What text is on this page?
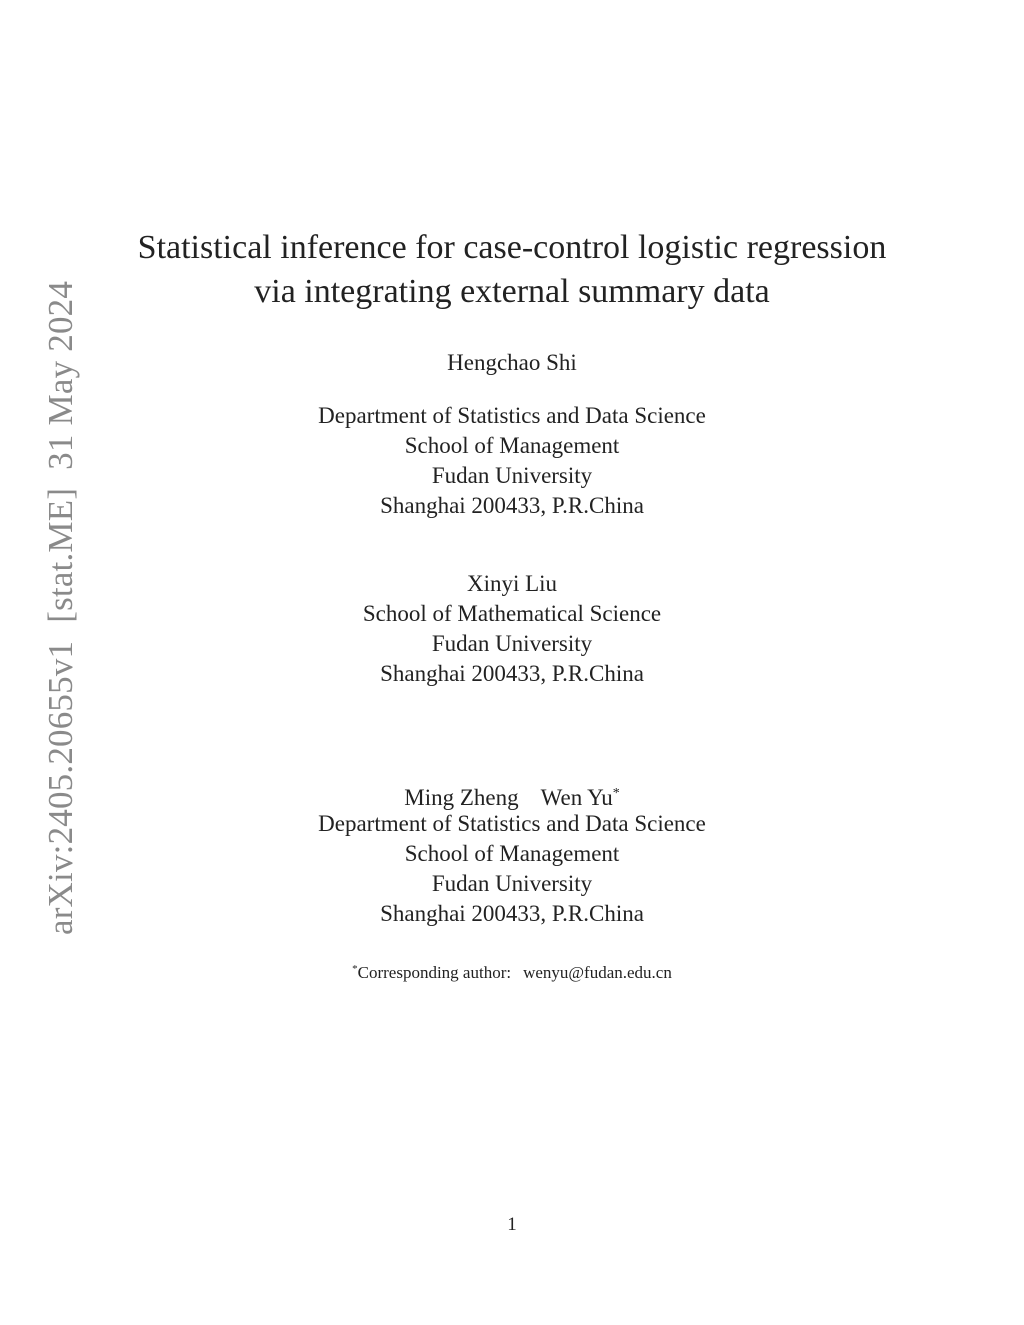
arXiv:2405.20655v1[stat.ME]31 May 2024
Statistical inference for case-control logistic regression
via integrating external summary data
Hengchao Shi
Department of Statistics and Data Science
School of Management
Fudan University
Shanghai 200433, P.R.China
Xinyi Liu
School of Mathematical Science
Fudan University
Shanghai 200433, P.R.China
Ming Zheng Wen Yu*
Department of Statistics and Data Science
School of Management
Fudan University
Shanghai 200433, P.R.China
*Corresponding author: wenyu@fudan.edu.cn
1
